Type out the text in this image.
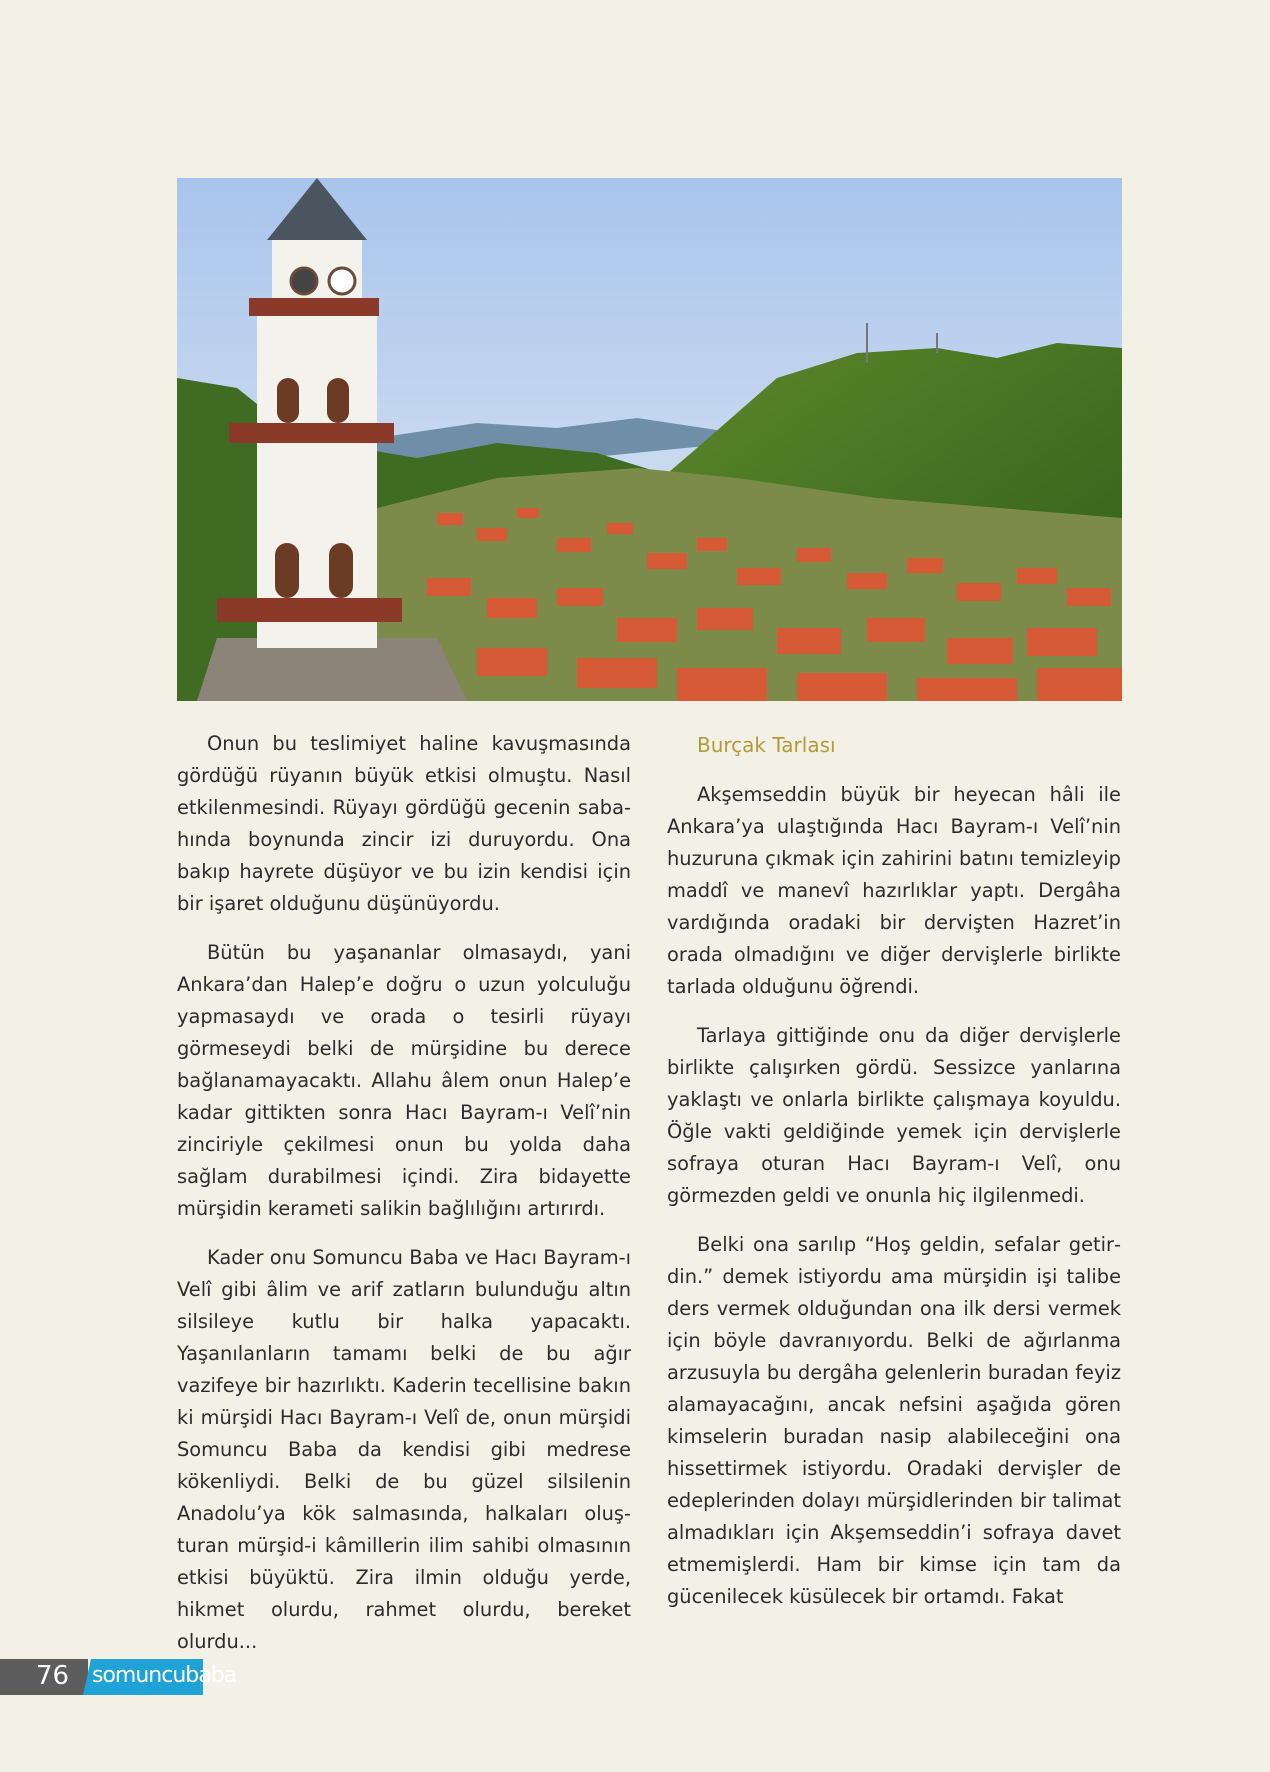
Onun bu teslimiyet haline kavuşmasında gördüğü rüyanın büyük etkisi olmuştu. Nasıl etkilenmesindi. Rüyayı gördüğü gecenin sabahında boynunda zincir izi duruyordu. Ona bakıp hayrete düşüyor ve bu izin kendisi için bir işaret olduğunu düşünüyordu.

Bütün bu yaşananlar olmasaydı, yani Ankara’dan Halep’e doğru o uzun yolculuğu yapmasaydı ve orada o tesirli rüyayı görmeseydi belki de mürşidine bu derece bağlanamayacaktı. Allahu âlem onun Halep’e kadar gittikten sonra Hacı Bayram-ı Velî’nin zinciriyle çekilmesi onun bu yolda daha sağlam durabilmesi içindi. Zira bidayette mürşidin kerameti salikin bağlılığını artırırdı.

Kader onu Somuncu Baba ve Hacı Bayram-ı Velî gibi âlim ve arif zatların bulunduğu altın silsileye kutlu bir halka yapacaktı. Yaşanılanların tamamı belki de bu ağır vazifeye bir hazırlıktı. Kaderin tecellisine bakın ki mürşidi Hacı Bayram-ı Velî de, onun mürşidi Somuncu Baba da kendisi gibi medrese kökenliydi. Belki de bu güzel silsilenin Anadolu’ya kök salmasında, halkaları oluşturan mürşid-i kâmillerin ilim sahibi olmasının etkisi büyüktü. Zira ilmin olduğu yerde, hikmet olurdu, rahmet olurdu, bereket olurdu...

Burçak Tarlası

Akşemseddin büyük bir heyecan hâli ile Ankara’ya ulaştığında Hacı Bayram-ı Velî’nin huzuruna çıkmak için zahirini batını temizleyip maddî ve manevî hazırlıklar yaptı. Dergâha vardığında oradaki bir dervişten Hazret’in orada olmadığını ve diğer dervişlerle birlikte tarlada olduğunu öğrendi.

Tarlaya gittiğinde onu da diğer dervişlerle birlikte çalışırken gördü. Sessizce yanlarına yaklaştı ve onlarla birlikte çalışmaya koyuldu. Öğle vakti geldiğinde yemek için dervişlerle sofraya oturan Hacı Bayram-ı Velî, onu görmezden geldi ve onunla hiç ilgilenmedi.

Belki ona sarılıp “Hoş geldin, sefalar getirdin.” demek istiyordu ama mürşidin işi talibe ders vermek olduğundan ona ilk dersi vermek için böyle davranıyordu. Belki de ağırlanma arzusuyla bu dergâha gelenlerin buradan feyiz alamayacağını, ancak nefsini aşağıda gören kimselerin buradan nasip alabileceğini ona hissettirmek istiyordu. Oradaki dervişler de edeplerinden dolayı mürşidlerinden bir talimat almadıkları için Akşemseddin’i sofraya davet etmemişlerdi. Ham bir kimse için tam da gücenilecek küsülecek bir ortamdı. Fakat

76 somuncubaba
